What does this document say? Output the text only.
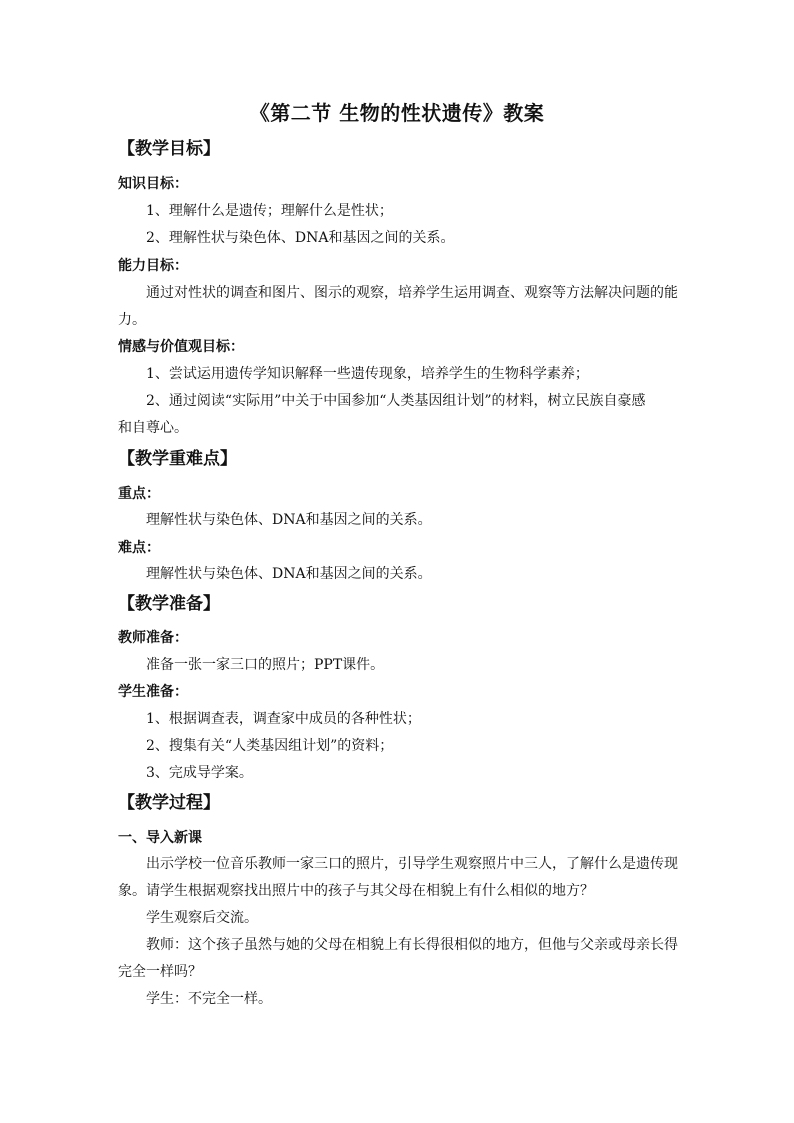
《第二节 生物的性状遗传》教案
【教学目标】
知识目标：
1、理解什么是遗传；理解什么是性状；
2、理解性状与染色体、DNA和基因之间的关系。
能力目标：
通过对性状的调查和图片、图示的观察，培养学生运用调查、观察等方法解决问题的能
力。
情感与价值观目标：
1、尝试运用遗传学知识解释一些遗传现象，培养学生的生物科学素养；
2、通过阅读“实际用”中关于中国参加“人类基因组计划”的材料，树立民族自豪感
和自尊心。
【教学重难点】
重点：
理解性状与染色体、DNA和基因之间的关系。
难点：
理解性状与染色体、DNA和基因之间的关系。
【教学准备】
教师准备：
准备一张一家三口的照片；PPT课件。
学生准备：
1、根据调查表，调查家中成员的各种性状；
2、搜集有关“人类基因组计划”的资料；
3、完成导学案。
【教学过程】
一、导入新课
出示学校一位音乐教师一家三口的照片，引导学生观察照片中三人，了解什么是遗传现
象。请学生根据观察找出照片中的孩子与其父母在相貌上有什么相似的地方？
学生观察后交流。
教师：这个孩子虽然与她的父母在相貌上有长得很相似的地方，但他与父亲或母亲长得
完全一样吗？
学生：不完全一样。
